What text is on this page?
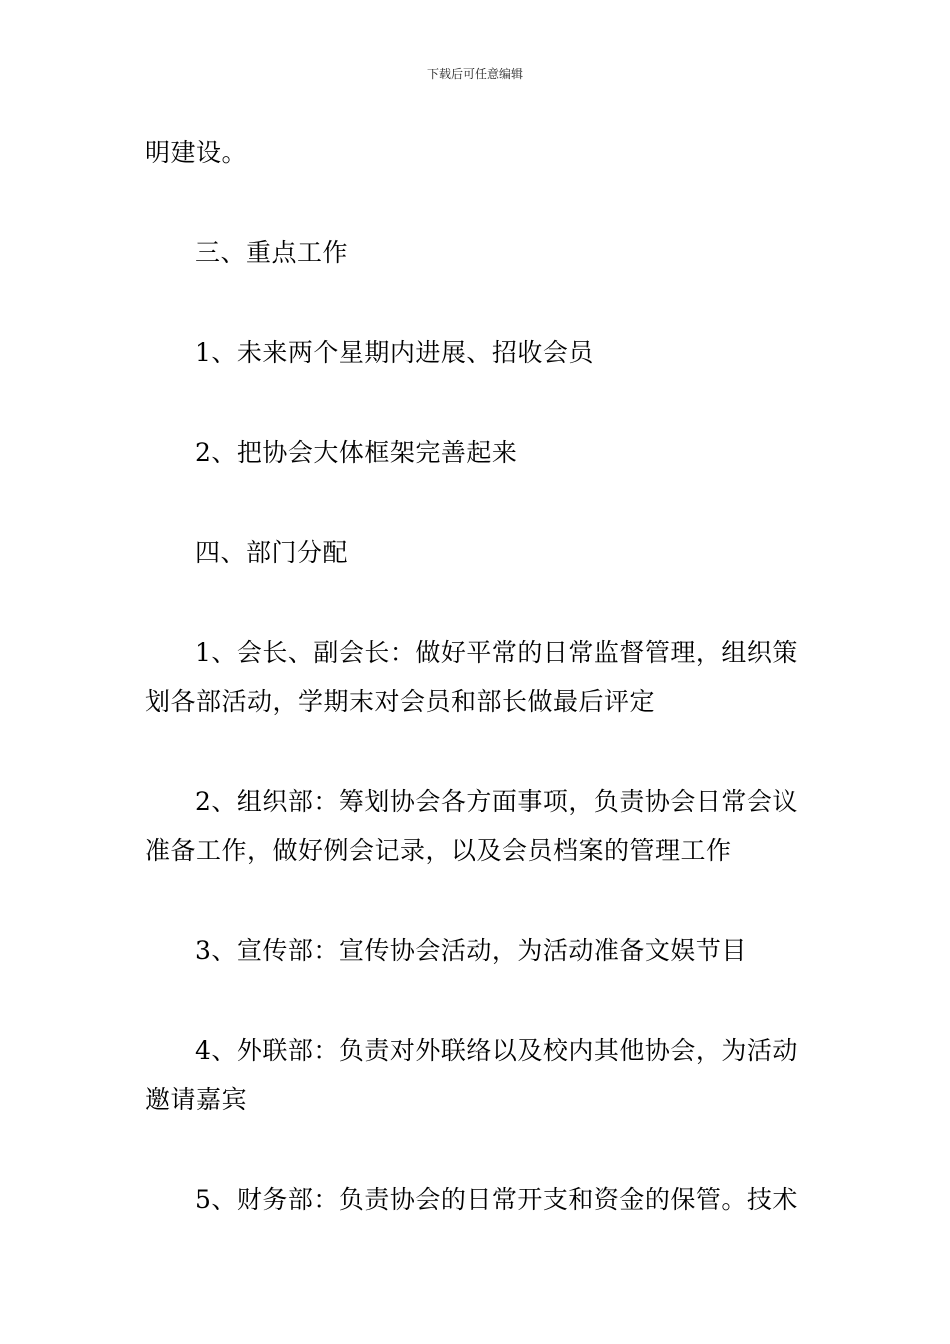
下载后可任意编辑

明建设。

三、重点工作

1、未来两个星期内进展、招收会员

2、把协会大体框架完善起来

四、部门分配

1、会长、副会长：做好平常的日常监督管理，组织策划各部活动，学期末对会员和部长做最后评定

2、组织部：筹划协会各方面事项，负责协会日常会议准备工作，做好例会记录，以及会员档案的管理工作

3、宣传部：宣传协会活动，为活动准备文娱节目

4、外联部：负责对外联络以及校内其他协会，为活动邀请嘉宾

5、财务部：负责协会的日常开支和资金的保管。技术
